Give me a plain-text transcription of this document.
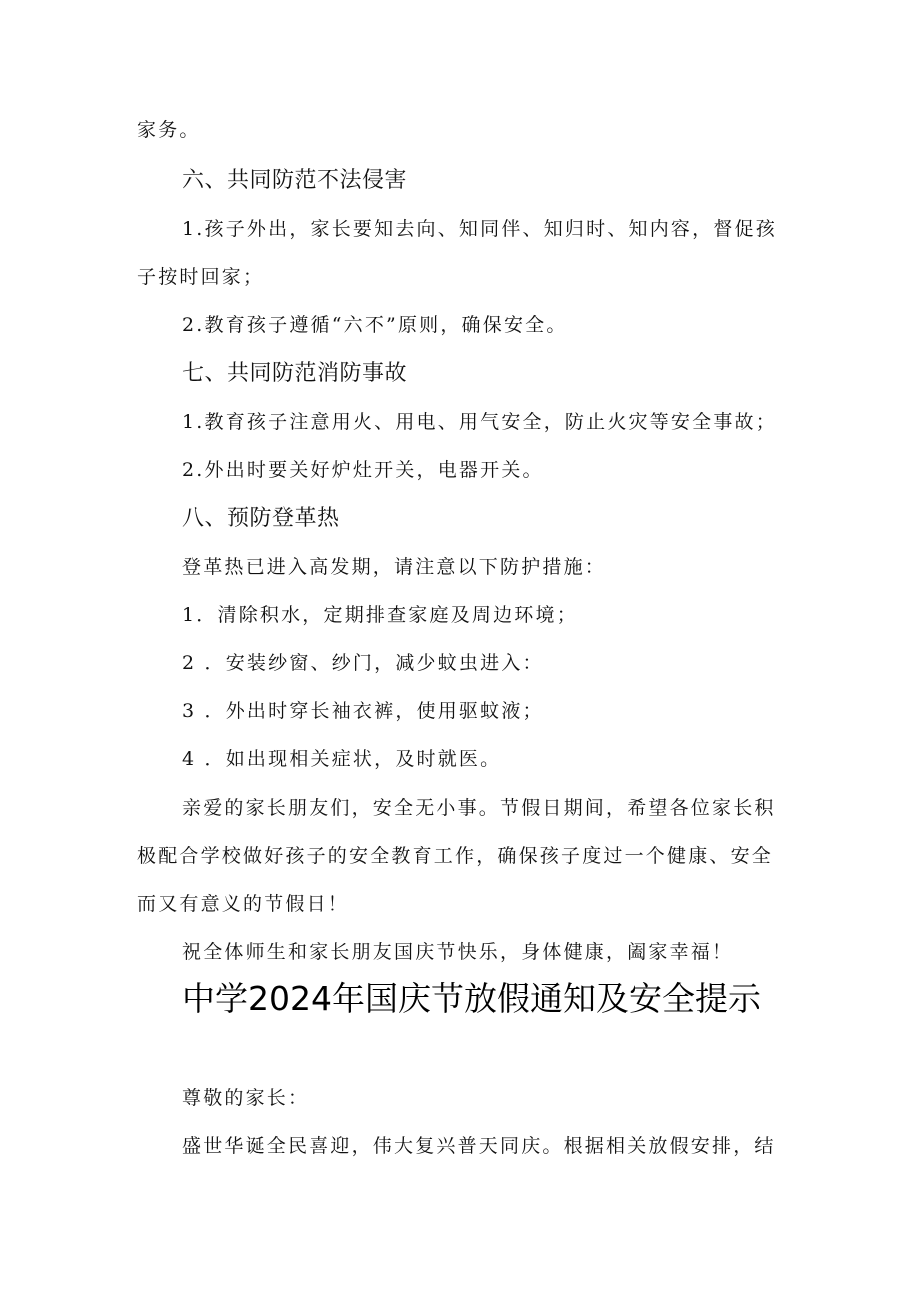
家务。
六、共同防范不法侵害
1.孩子外出，家长要知去向、知同伴、知归时、知内容，督促孩
子按时回家；
2.教育孩子遵循“六不”原则，确保安全。
七、共同防范消防事故
1.教育孩子注意用火、用电、用气安全，防止火灾等安全事故；
2.外出时要关好炉灶开关，电器开关。
八、预防登革热
登革热已进入高发期，请注意以下防护措施：
1．清除积水，定期排查家庭及周边环境；
2 ．安装纱窗、纱门，减少蚊虫进入：
3 ．外出时穿长袖衣裤，使用驱蚊液；
4 ．如出现相关症状，及时就医。
亲爱的家长朋友们，安全无小事。节假日期间，希望各位家长积
极配合学校做好孩子的安全教育工作，确保孩子度过一个健康、安全
而又有意义的节假日！
祝全体师生和家长朋友国庆节快乐，身体健康，阖家幸福！
中学2024年国庆节放假通知及安全提示
尊敬的家长：
盛世华诞全民喜迎，伟大复兴普天同庆。根据相关放假安排，结
